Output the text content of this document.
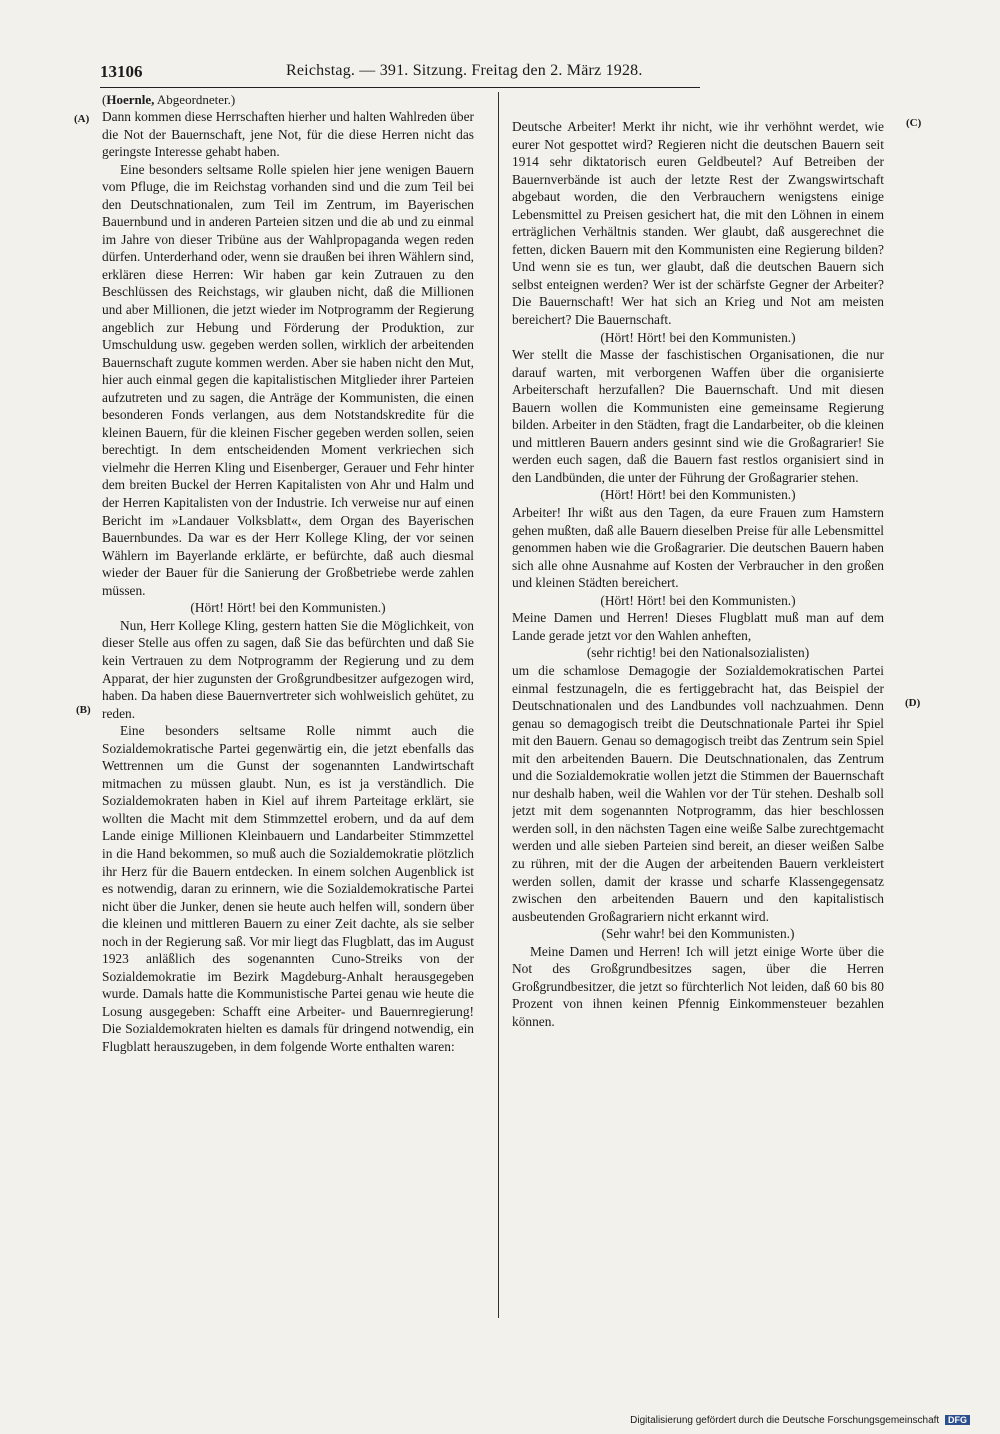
13106	Reichstag. — 391. Sitzung. Freitag den 2. März 1928.
(Hoernle, Abgeordneter.)
(A)
(B)
(C)
(D)

Dann kommen diese Herrschaften hierher und halten Wahlreden über die Not der Bauernschaft, jene Not, für die diese Herren nicht das geringste Interesse gehabt haben.

Eine besonders seltsame Rolle spielen hier jene wenigen Bauern vom Pfluge, die im Reichstag vorhanden sind und die zum Teil bei den Deutschnationalen, zum Teil im Zentrum, im Bayerischen Bauernbund und in anderen Parteien sitzen und die ab und zu einmal im Jahre von dieser Tribüne aus der Wahlpropaganda wegen reden dürfen. Unterderhand oder, wenn sie draußen bei ihren Wählern sind, erklären diese Herren: Wir haben gar kein Zutrauen zu den Beschlüssen des Reichstags, wir glauben nicht, daß die Millionen und aber Millionen, die jetzt wieder im Notprogramm der Regierung angeblich zur Hebung und Förderung der Produktion, zur Umschuldung usw. gegeben werden sollen, wirklich der arbeitenden Bauernschaft zugute kommen werden. Aber sie haben nicht den Mut, hier auch einmal gegen die kapitalistischen Mitglieder ihrer Parteien aufzutreten und zu sagen, die Anträge der Kommunisten, die einen besonderen Fonds verlangen, aus dem Notstandskredite für die kleinen Bauern, für die kleinen Fischer gegeben werden sollen, seien berechtigt. In dem entscheidenden Moment verkriechen sich vielmehr die Herren Kling und Eisenberger, Gerauer und Fehr hinter dem breiten Buckel der Herren Kapitalisten von Ahr und Halm und der Herren Kapitalisten von der Industrie. Ich verweise nur auf einen Bericht im »Landauer Volksblatt«, dem Organ des Bayerischen Bauernbundes. Da war es der Herr Kollege Kling, der vor seinen Wählern im Bayerlande erklärte, er befürchte, daß auch diesmal wieder der Bauer für die Sanierung der Großbetriebe werde zahlen müssen.

(Hört! Hört! bei den Kommunisten.)

Nun, Herr Kollege Kling, gestern hatten Sie die Möglichkeit, von dieser Stelle aus offen zu sagen, daß Sie das befürchten und daß Sie kein Vertrauen zu dem Notprogramm der Regierung und zu dem Apparat, der hier zugunsten der Großgrundbesitzer aufgezogen wird, haben. Da haben diese Bauernvertreter sich wohlweislich gehütet, zu reden.

Eine besonders seltsame Rolle nimmt auch die Sozialdemokratische Partei gegenwärtig ein, die jetzt ebenfalls das Wettrennen um die Gunst der sogenannten Landwirtschaft mitmachen zu müssen glaubt. Nun, es ist ja verständlich. Die Sozialdemokraten haben in Kiel auf ihrem Parteitage erklärt, sie wollten die Macht mit dem Stimmzettel erobern, und da auf dem Lande einige Millionen Kleinbauern und Landarbeiter Stimmzettel in die Hand bekommen, so muß auch die Sozialdemokratie plötzlich ihr Herz für die Bauern entdecken. In einem solchen Augenblick ist es notwendig, daran zu erinnern, wie die Sozialdemokratische Partei nicht über die Junker, denen sie heute auch helfen will, sondern über die kleinen und mittleren Bauern zu einer Zeit dachte, als sie selber noch in der Regierung saß. Vor mir liegt das Flugblatt, das im August 1923 anläßlich des sogenannten Cuno-Streiks von der Sozialdemokratie im Bezirk Magdeburg-Anhalt herausgegeben wurde. Damals hatte die Kommunistische Partei genau wie heute die Losung ausgegeben: Schafft eine Arbeiter- und Bauernregierung! Die Sozialdemokraten hielten es damals für dringend notwendig, ein Flugblatt herauszugeben, in dem folgende Worte enthalten waren:

Deutsche Arbeiter! Merkt ihr nicht, wie ihr verhöhnt werdet, wie eurer Not gespottet wird? Regieren nicht die deutschen Bauern seit 1914 sehr diktatorisch euren Geldbeutel? Auf Betreiben der Bauernverbände ist auch der letzte Rest der Zwangswirtschaft abgebaut worden, die den Verbrauchern wenigstens einige Lebensmittel zu Preisen gesichert hat, die mit den Löhnen in einem erträglichen Verhältnis standen. Wer glaubt, daß ausgerechnet die fetten, dicken Bauern mit den Kommunisten eine Regierung bilden? Und wenn sie es tun, wer glaubt, daß die deutschen Bauern sich selbst enteignen werden? Wer ist der schärfste Gegner der Arbeiter? Die Bauernschaft! Wer hat sich an Krieg und Not am meisten bereichert? Die Bauernschaft.

(Hört! Hört! bei den Kommunisten.)

Wer stellt die Masse der faschistischen Organisationen, die nur darauf warten, mit verborgenen Waffen über die organisierte Arbeiterschaft herzufallen? Die Bauernschaft. Und mit diesen Bauern wollen die Kommunisten eine gemeinsame Regierung bilden. Arbeiter in den Städten, fragt die Landarbeiter, ob die kleinen und mittleren Bauern anders gesinnt sind wie die Großagrarier! Sie werden euch sagen, daß die Bauern fast restlos organisiert sind in den Landbünden, die unter der Führung der Großagrarier stehen.

(Hört! Hört! bei den Kommunisten.)

Arbeiter! Ihr wißt aus den Tagen, da eure Frauen zum Hamstern gehen mußten, daß alle Bauern dieselben Preise für alle Lebensmittel genommen haben wie die Großagrarier. Die deutschen Bauern haben sich alle ohne Ausnahme auf Kosten der Verbraucher in den großen und kleinen Städten bereichert.

(Hört! Hört! bei den Kommunisten.)

Meine Damen und Herren! Dieses Flugblatt muß man auf dem Lande gerade jetzt vor den Wahlen anheften,

(sehr richtig! bei den Nationalsozialisten)

um die schamlose Demagogie der Sozialdemokratischen Partei einmal festzunageln, die es fertiggebracht hat, das Beispiel der Deutschnationalen und des Landbundes voll nachzuahmen. Denn genau so demagogisch treibt die Deutschnationale Partei ihr Spiel mit den Bauern. Genau so demagogisch treibt das Zentrum sein Spiel mit den arbeitenden Bauern. Die Deutschnationalen, das Zentrum und die Sozialdemokratie wollen jetzt die Stimmen der Bauernschaft nur deshalb haben, weil die Wahlen vor der Tür stehen. Deshalb soll jetzt mit dem sogenannten Notprogramm, das hier beschlossen werden soll, in den nächsten Tagen eine weiße Salbe zurechtgemacht werden und alle sieben Parteien sind bereit, an dieser weißen Salbe zu rühren, mit der die Augen der arbeitenden Bauern verkleistert werden sollen, damit der krasse und scharfe Klassengegensatz zwischen den arbeitenden Bauern und den kapitalistisch ausbeutenden Großagrariern nicht erkannt wird.

(Sehr wahr! bei den Kommunisten.)

Meine Damen und Herren! Ich will jetzt einige Worte über die Not des Großgrundbesitzes sagen, über die Herren Großgrundbesitzer, die jetzt so fürchterlich Not leiden, daß 60 bis 80 Prozent von ihnen keinen Pfennig Einkommensteuer bezahlen können.

Digitalisierung gefördert durch die Deutsche Forschungsgemeinschaft DFG
